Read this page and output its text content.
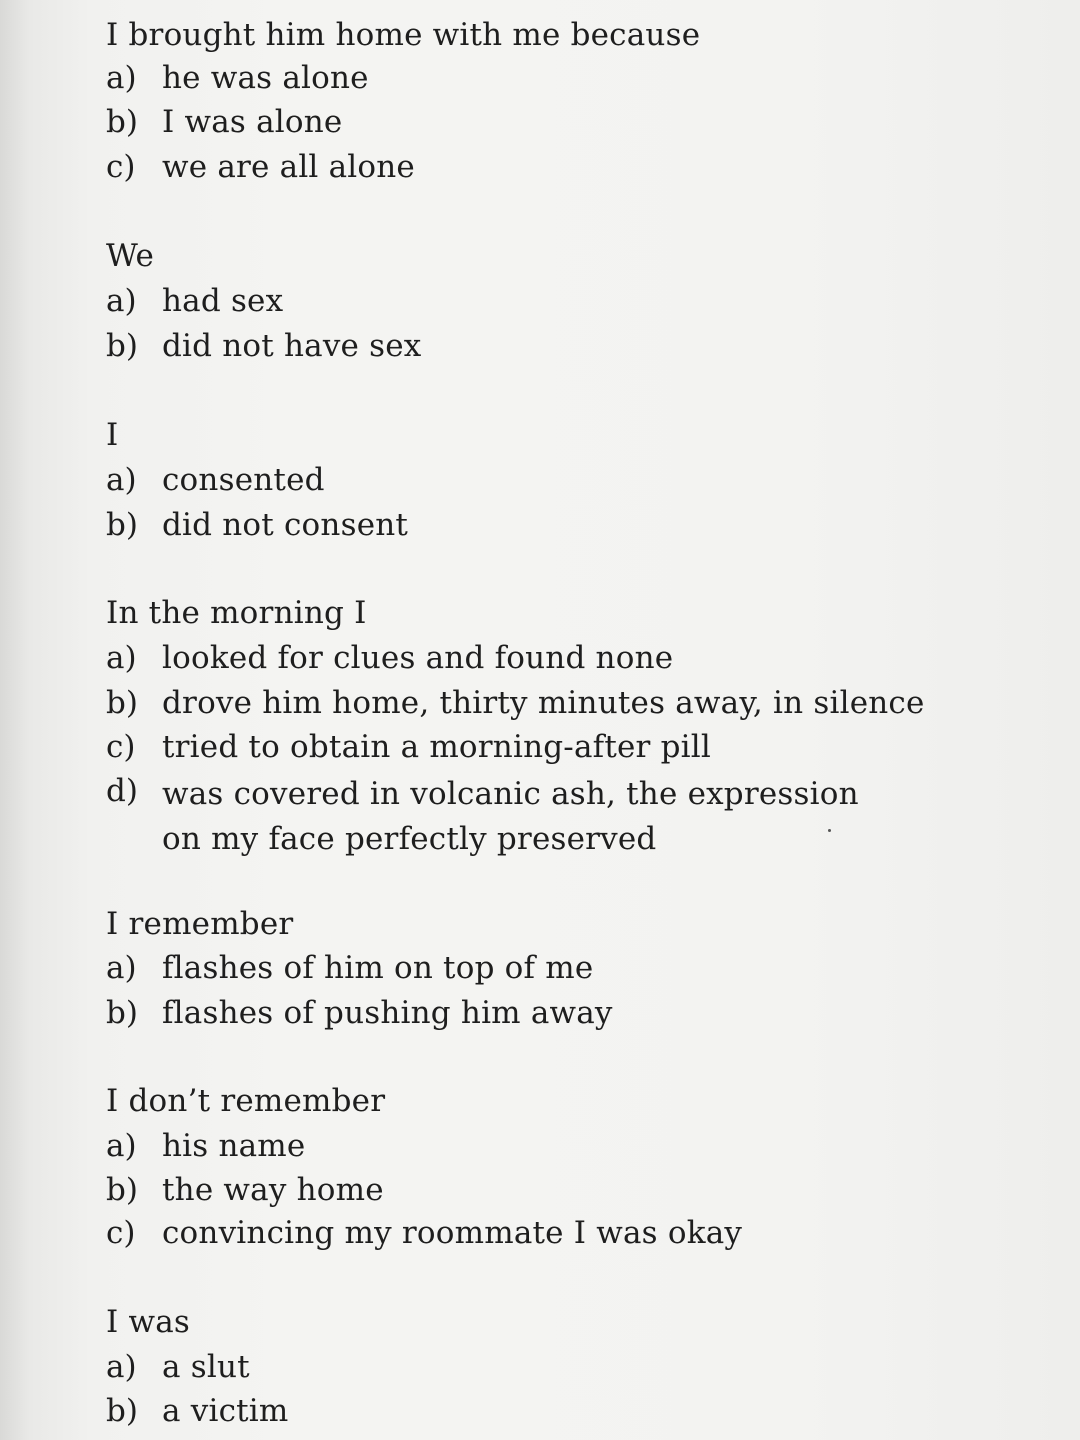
I brought him home with me because
a) he was alone
b) I was alone
c) we are all alone
We
a) had sex
b) did not have sex
I
a) consented
b) did not consent
In the morning I
a) looked for clues and found none
b) drove him home, thirty minutes away, in silence
c) tried to obtain a morning-after pill
d) was covered in volcanic ash, the expression on my face perfectly preserved
I remember
a) flashes of him on top of me
b) flashes of pushing him away
I don’t remember
a) his name
b) the way home
c) convincing my roommate I was okay
I was
a) a slut
b) a victim
